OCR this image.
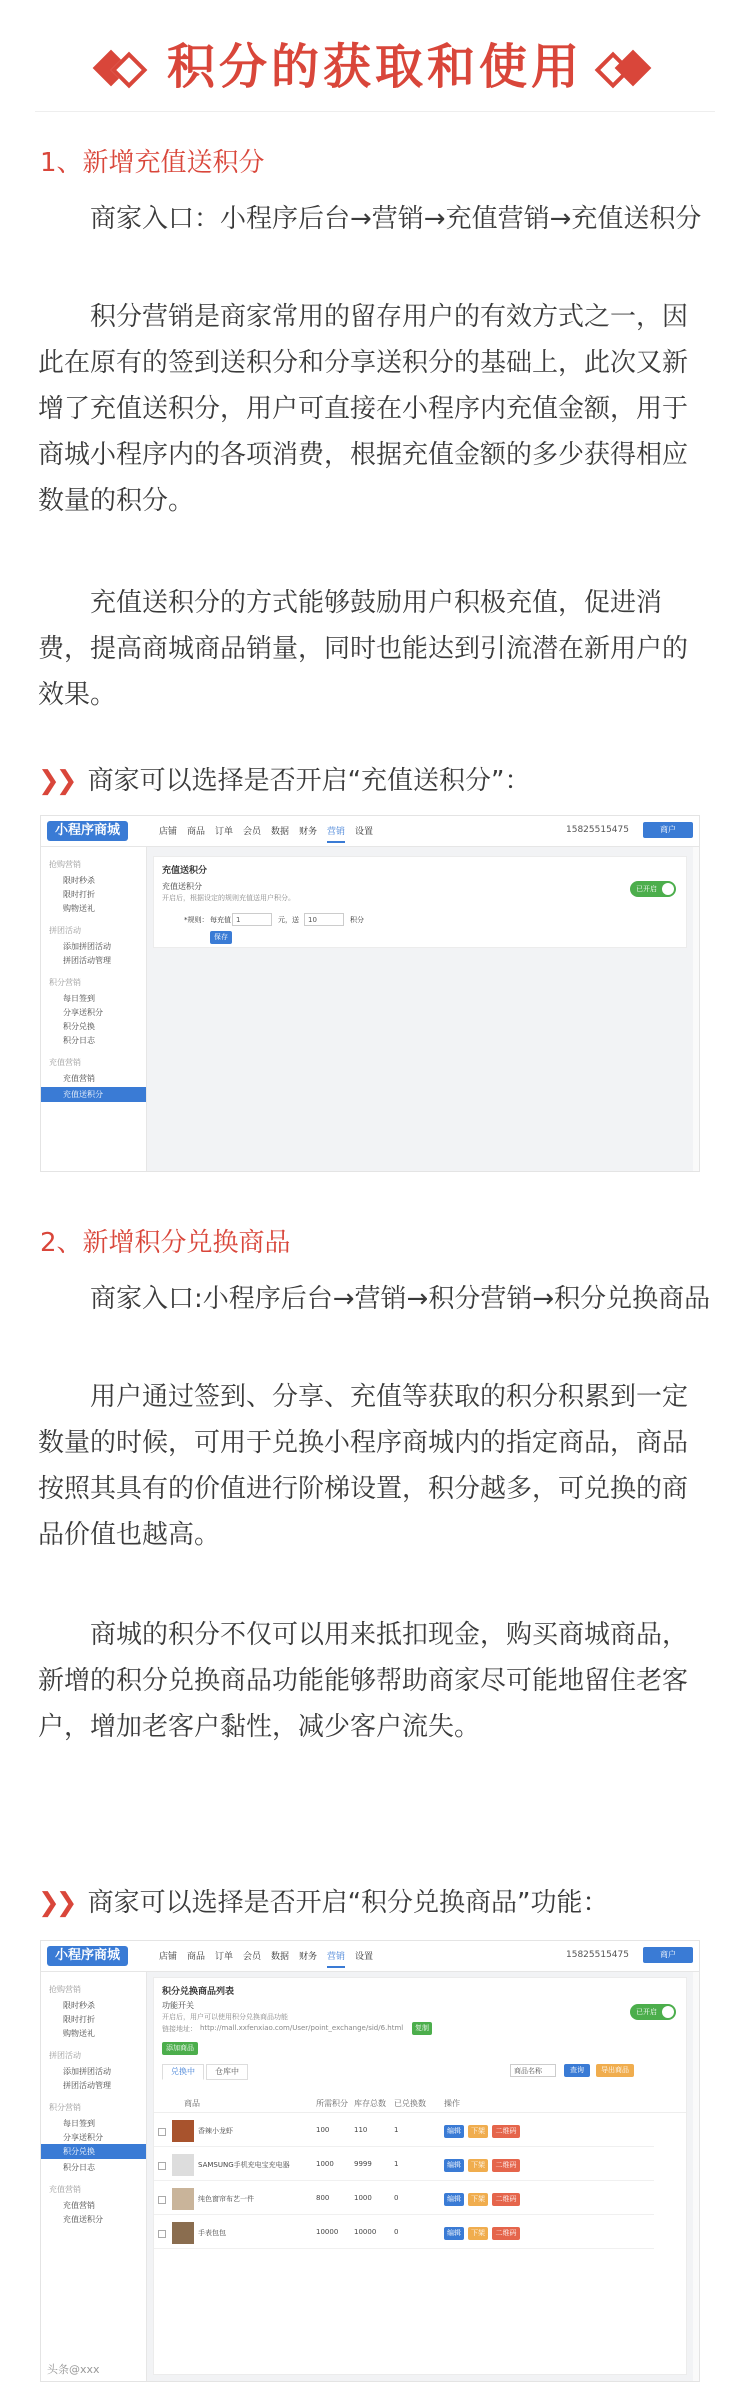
积分的获取和使用
1、新增充值送积分
商家入口：小程序后台→营销→充值营销→充值送积分
积分营销是商家常用的留存用户的有效方式之一，因此在原有的签到送积分和分享送积分的基础上，此次又新增了充值送积分，用户可直接在小程序内充值金额，用于商城小程序内的各项消费，根据充值金额的多少获得相应数量的积分。
充值送积分的方式能够鼓励用户积极充值，促进消费，提高商城商品销量，同时也能达到引流潜在新用户的效果。
❯❯ 商家可以选择是否开启“充值送积分”：
小程序商城	店铺 商品 订单 会员 数据 财务 营销 设置	15825515475	商户
抢购营销
限时秒杀
限时打折
购物送礼
拼团活动
添加拼团活动
拼团活动管理
积分营销
每日签到
分享送积分
积分兑换
积分日志
充值营销
充值营销
充值送积分
充值送积分
充值送积分
开启后，根据设定的规则充值送用户积分。
已开启
*规则： 每充值 1	元，送	10	积分
保存
2、新增积分兑换商品
商家入口:小程序后台→营销→积分营销→积分兑换商品
用户通过签到、分享、充值等获取的积分积累到一定数量的时候，可用于兑换小程序商城内的指定商品，商品按照其具有的价值进行阶梯设置，积分越多，可兑换的商品价值也越高。
商城的积分不仅可以用来抵扣现金，购买商城商品，新增的积分兑换商品功能能够帮助商家尽可能地留住老客户，增加老客户黏性，减少客户流失。
❯❯ 商家可以选择是否开启“积分兑换商品”功能：
小程序商城	店铺 商品 订单 会员 数据 财务 营销 设置	15825515475	商户
抢购营销
限时秒杀
限时打折
购物送礼
拼团活动
添加拼团活动
拼团活动管理
积分营销
每日签到
分享送积分
积分兑换
积分日志
充值营销
充值营销
充值送积分
积分兑换商品列表
功能开关
开启后，用户可以使用积分兑换商品功能
链接地址： http://mall.xxfenxiao.com/User/point_exchange/sid/6.html	复制
已开启
添加商品
兑换中	仓库中	商品名称	查询	导出商品
商品	所需积分 库存总数 已兑换数 操作
香辣小龙虾	100	110	1	编辑	下架	二维码
SAMSUNG手机充电宝充电器	1000	9999	1	编辑	下架	二维码
纯色窗帘布艺一件	800	1000	0	编辑	下架	二维码
手表包包	10000 10000	0	编辑	下架	二维码
头条@xxx
